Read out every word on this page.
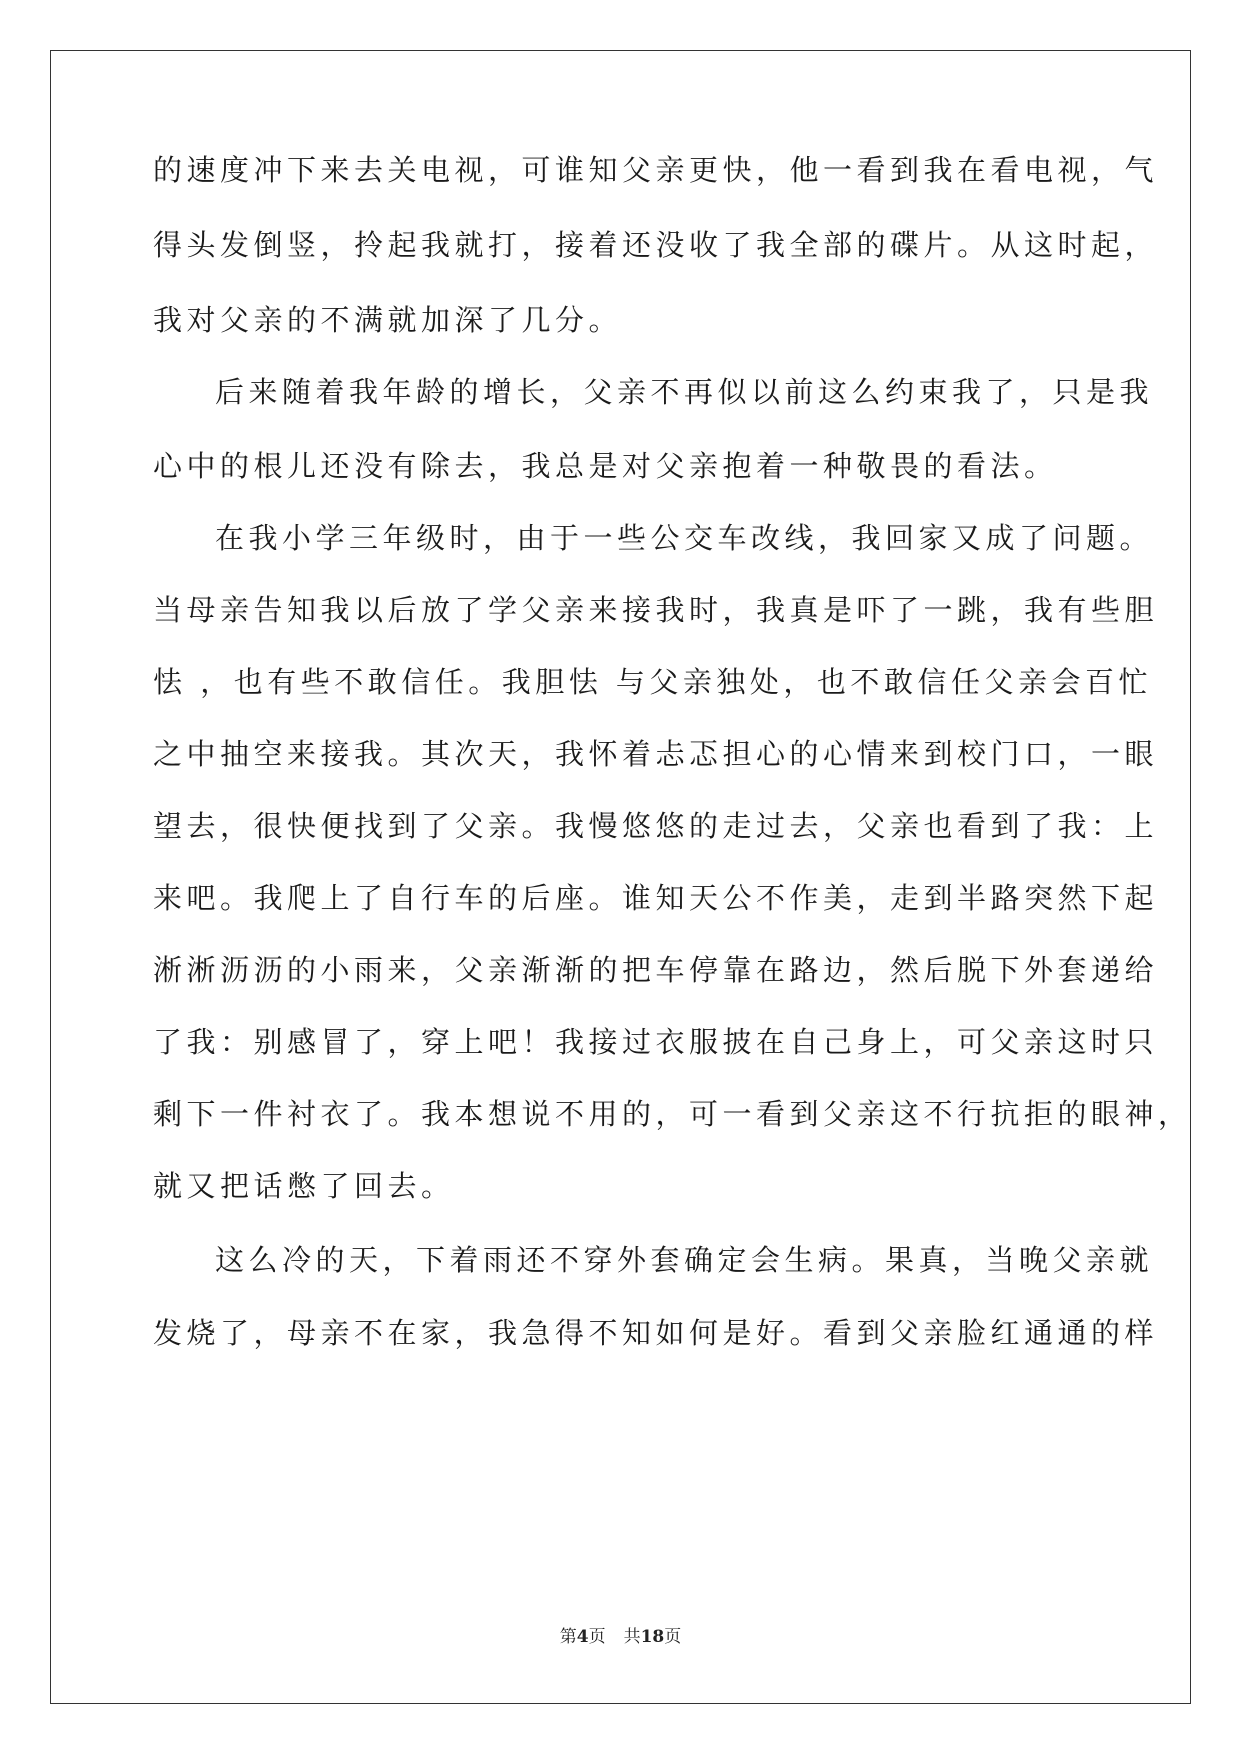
的速度冲下来去关电视，可谁知父亲更快，他一看到我在看电视，气
得头发倒竖，拎起我就打，接着还没收了我全部的碟片。从这时起，
我对父亲的不满就加深了几分。
后来随着我年龄的增长，父亲不再似以前这么约束我了，只是我
心中的根儿还没有除去，我总是对父亲抱着一种敬畏的看法。
在我小学三年级时，由于一些公交车改线，我回家又成了问题。
当母亲告知我以后放了学父亲来接我时，我真是吓了一跳，我有些胆
怯 ，也有些不敢信任。我胆怯 与父亲独处，也不敢信任父亲会百忙
之中抽空来接我。其次天，我怀着忐忑担心的心情来到校门口，一眼
望去，很快便找到了父亲。我慢悠悠的走过去，父亲也看到了我：上
来吧。我爬上了自行车的后座。谁知天公不作美，走到半路突然下起
淅淅沥沥的小雨来，父亲渐渐的把车停靠在路边，然后脱下外套递给
了我：别感冒了，穿上吧！我接过衣服披在自己身上，可父亲这时只
剩下一件衬衣了。我本想说不用的，可一看到父亲这不行抗拒的眼神，
就又把话憋了回去。
这么冷的天，下着雨还不穿外套确定会生病。果真，当晚父亲就
发烧了，母亲不在家，我急得不知如何是好。看到父亲脸红通通的样
第4页 共18页
